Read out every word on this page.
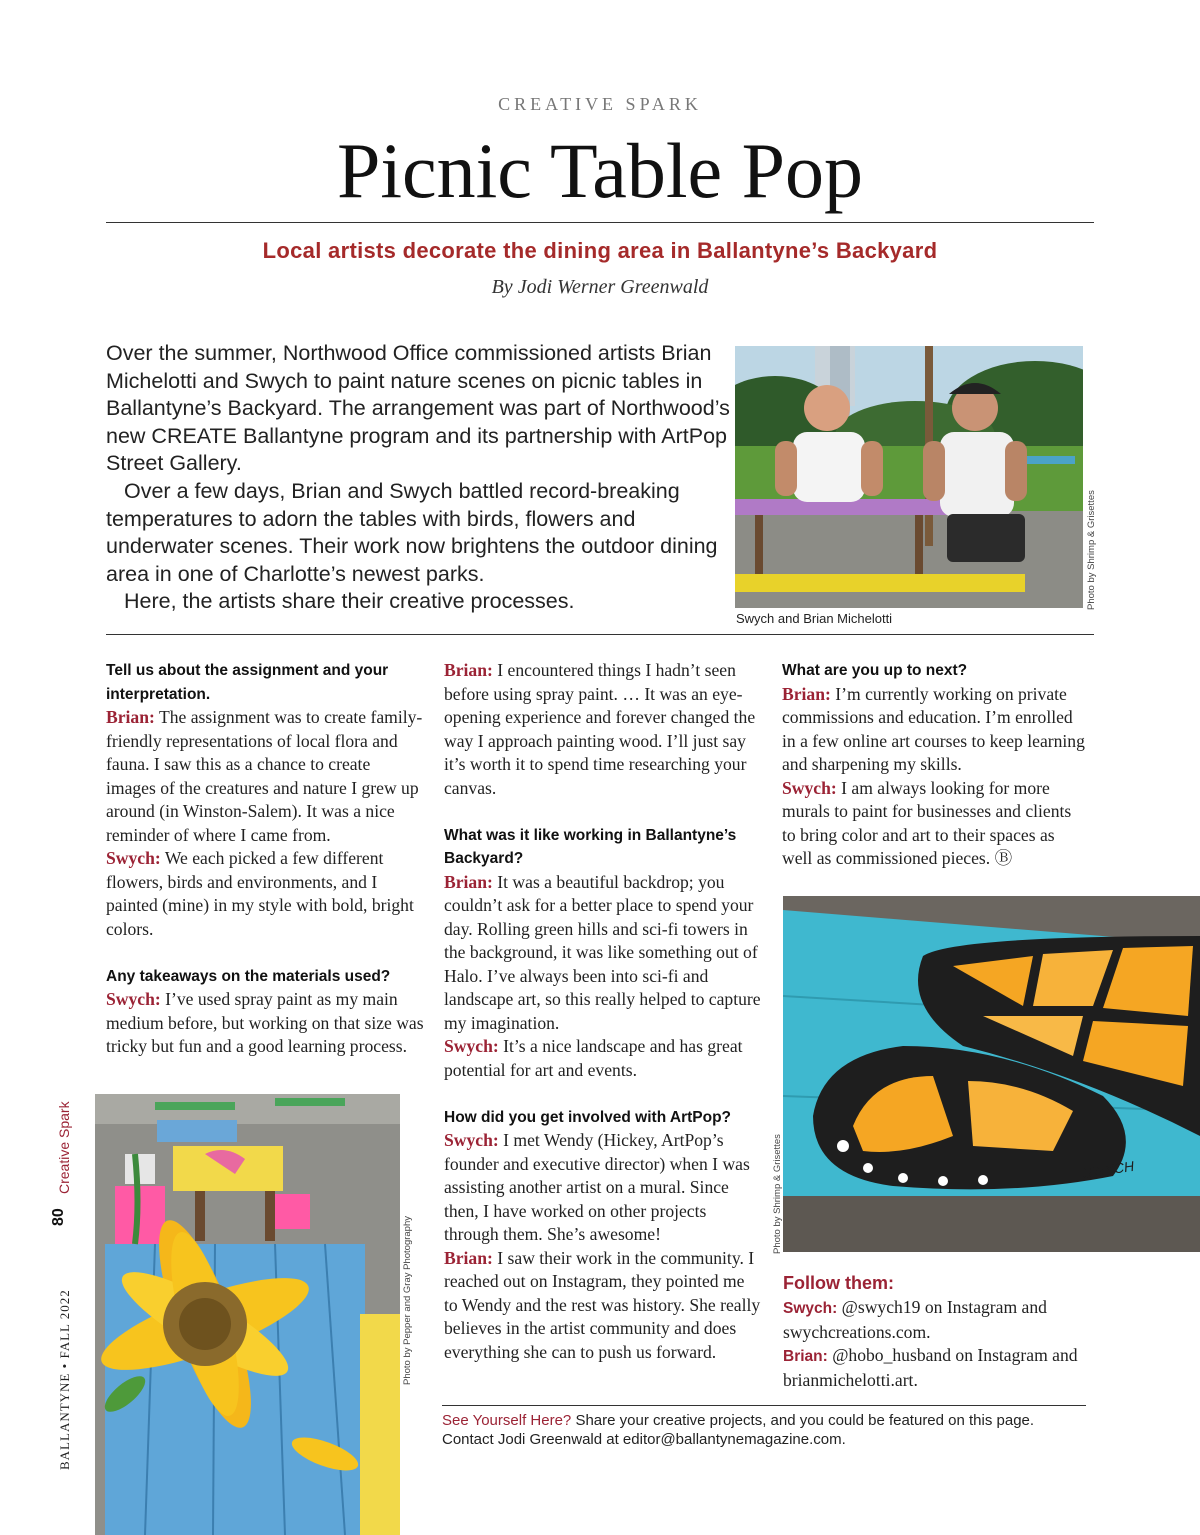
CREATIVE SPARK
Picnic Table Pop
Local artists decorate the dining area in Ballantyne’s Backyard
By Jodi Werner Greenwald

Over the summer, Northwood Office commissioned artists Brian Michelotti and Swych to paint nature scenes on picnic tables in Ballantyne’s Backyard. The arrangement was part of Northwood’s new CREATE Ballantyne program and its partnership with ArtPop Street Gallery.

Over a few days, Brian and Swych battled record-breaking temperatures to adorn the tables with birds, flowers and underwater scenes. Their work now brightens the outdoor dining area in one of Charlotte’s newest parks.

Here, the artists share their creative processes.	Photo by Shrimp & Grisettes
Swych and Brian Michelotti

Tell us about the assignment and your interpretation.

Brian: The assignment was to create family-friendly representations of local flora and fauna. I saw this as a chance to create images of the creatures and nature I grew up around (in Winston-Salem). It was a nice reminder of where I came from.

Swych: We each picked a few different flowers, birds and environments, and I painted (mine) in my style with bold, bright colors.

Any takeaways on the materials used?

Swych: I’ve used spray paint as my main medium before, but working on that size was tricky but fun and a good learning process.

Brian: I encountered things I hadn’t seen before using spray paint. … It was an eye-opening experience and forever changed the way I approach painting wood. I’ll just say it’s worth it to spend time researching your canvas.

What was it like working in Ballantyne’s Backyard?

Brian: It was a beautiful backdrop; you couldn’t ask for a better place to spend your day. Rolling green hills and sci-fi towers in the background, it was like something out of Halo. I’ve always been into sci-fi and landscape art, so this really helped to capture my imagination.

Swych: It’s a nice landscape and has great potential for art and events.

How did you get involved with ArtPop?

Swych: I met Wendy (Hickey, ArtPop’s founder and executive director) when I was assisting another artist on a mural. Since then, I have worked on other projects through them. She’s awesome!

Brian: I saw their work in the community. I reached out on Instagram, they pointed me to Wendy and the rest was history. She really believes in the artist community and does everything she can to push us forward.

What are you up to next?

Brian: I’m currently working on private commissions and education. I’m enrolled in a few online art courses to keep learning and sharpening my skills.

Swych: I am always looking for more murals to paint for businesses and clients to bring color and art to their spaces as well as commissioned pieces. Ⓑ

SWYCH
Photo by Shrimp & Grisettes

Follow them:

Swych: @swych19 on Instagram and swychcreations.com.

Brian: @hobo_husband on Instagram and brianmichelotti.art.

Photo by Pepper and Gray Photography
See Yourself Here? Share your creative projects, and you could be featured on this page. Contact Jodi Greenwald at editor@ballantynemagazine.com.
Creative Spark
80
BALLANTYNE • FALL 2022
